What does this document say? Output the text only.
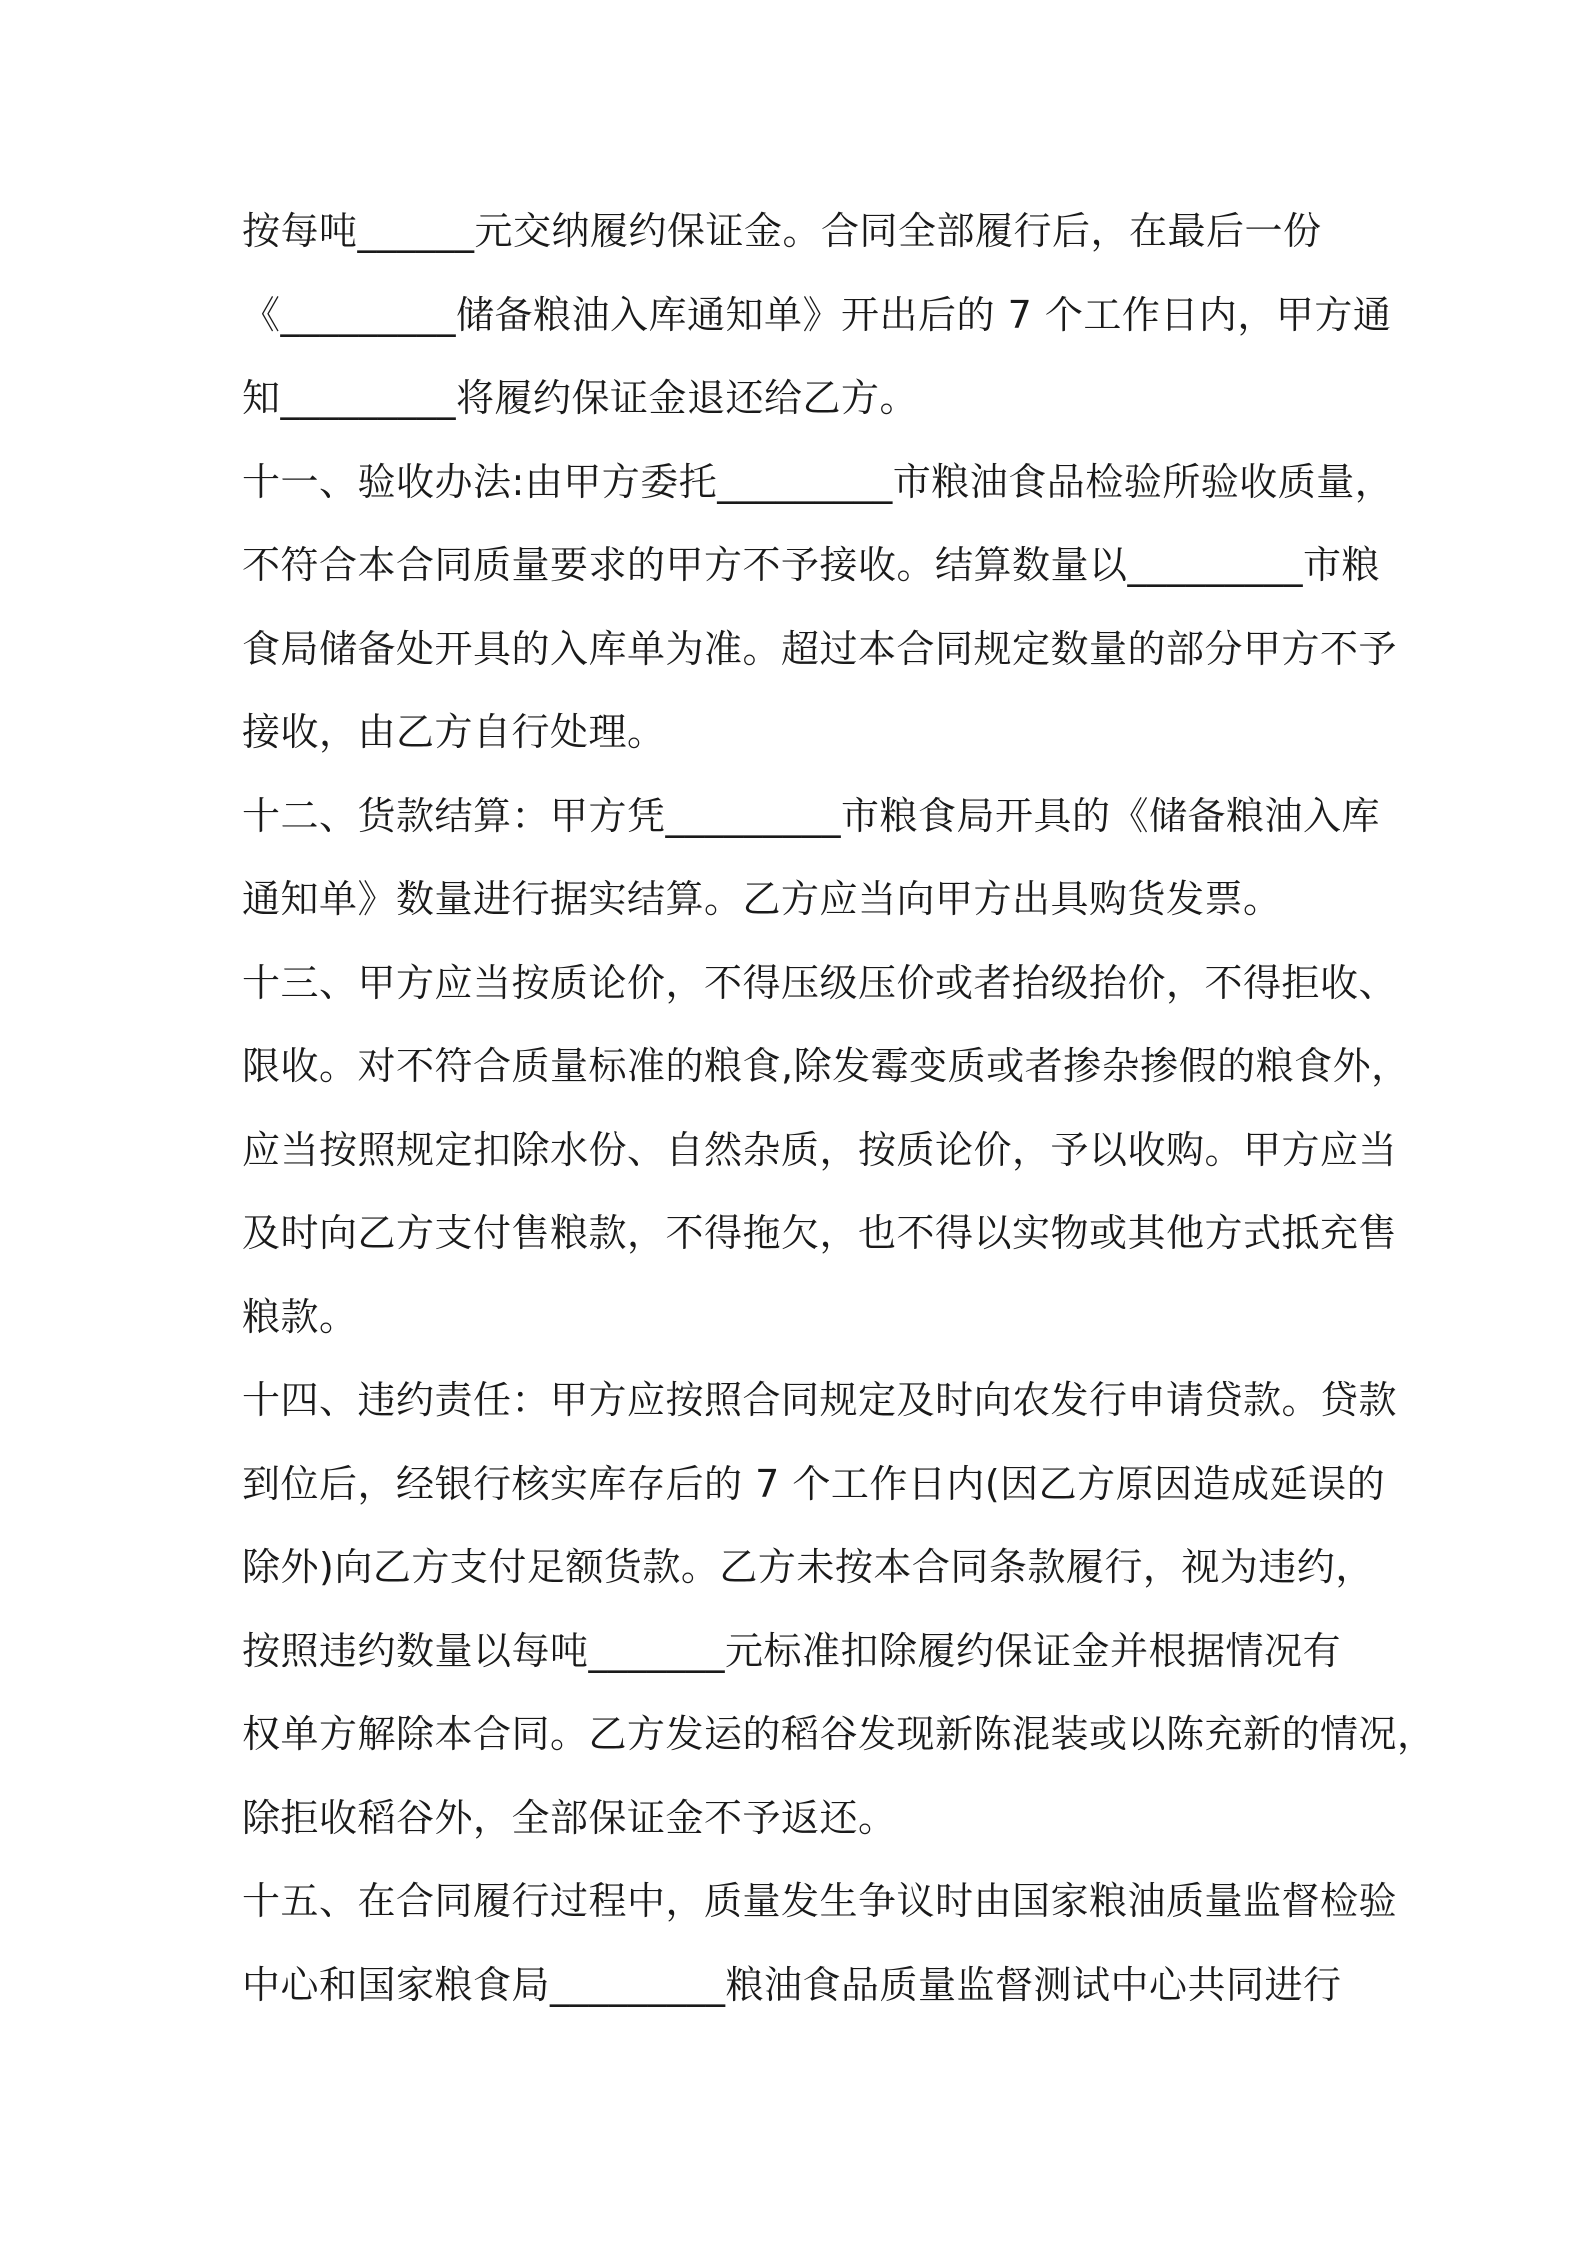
按每吨______元交纳履约保证金。合同全部履行后，在最后一份
《_________储备粮油入库通知单》开出后的 7 个工作日内，甲方通
知_________将履约保证金退还给乙方。
十一、验收办法:由甲方委托_________市粮油食品检验所验收质量，
不符合本合同质量要求的甲方不予接收。结算数量以_________市粮
食局储备处开具的入库单为准。超过本合同规定数量的部分甲方不予
接收，由乙方自行处理。
十二、货款结算：甲方凭_________市粮食局开具的《储备粮油入库
通知单》数量进行据实结算。乙方应当向甲方出具购货发票。
十三、甲方应当按质论价，不得压级压价或者抬级抬价，不得拒收、
限收。对不符合质量标准的粮食,除发霉变质或者掺杂掺假的粮食外，
应当按照规定扣除水份、自然杂质，按质论价，予以收购。甲方应当
及时向乙方支付售粮款，不得拖欠，也不得以实物或其他方式抵充售
粮款。
十四、违约责任：甲方应按照合同规定及时向农发行申请贷款。贷款
到位后，经银行核实库存后的 7 个工作日内(因乙方原因造成延误的
除外)向乙方支付足额货款。乙方未按本合同条款履行，视为违约，
按照违约数量以每吨_______元标准扣除履约保证金并根据情况有
权单方解除本合同。乙方发运的稻谷发现新陈混装或以陈充新的情况，
除拒收稻谷外，全部保证金不予返还。
十五、在合同履行过程中，质量发生争议时由国家粮油质量监督检验
中心和国家粮食局_________粮油食品质量监督测试中心共同进行
